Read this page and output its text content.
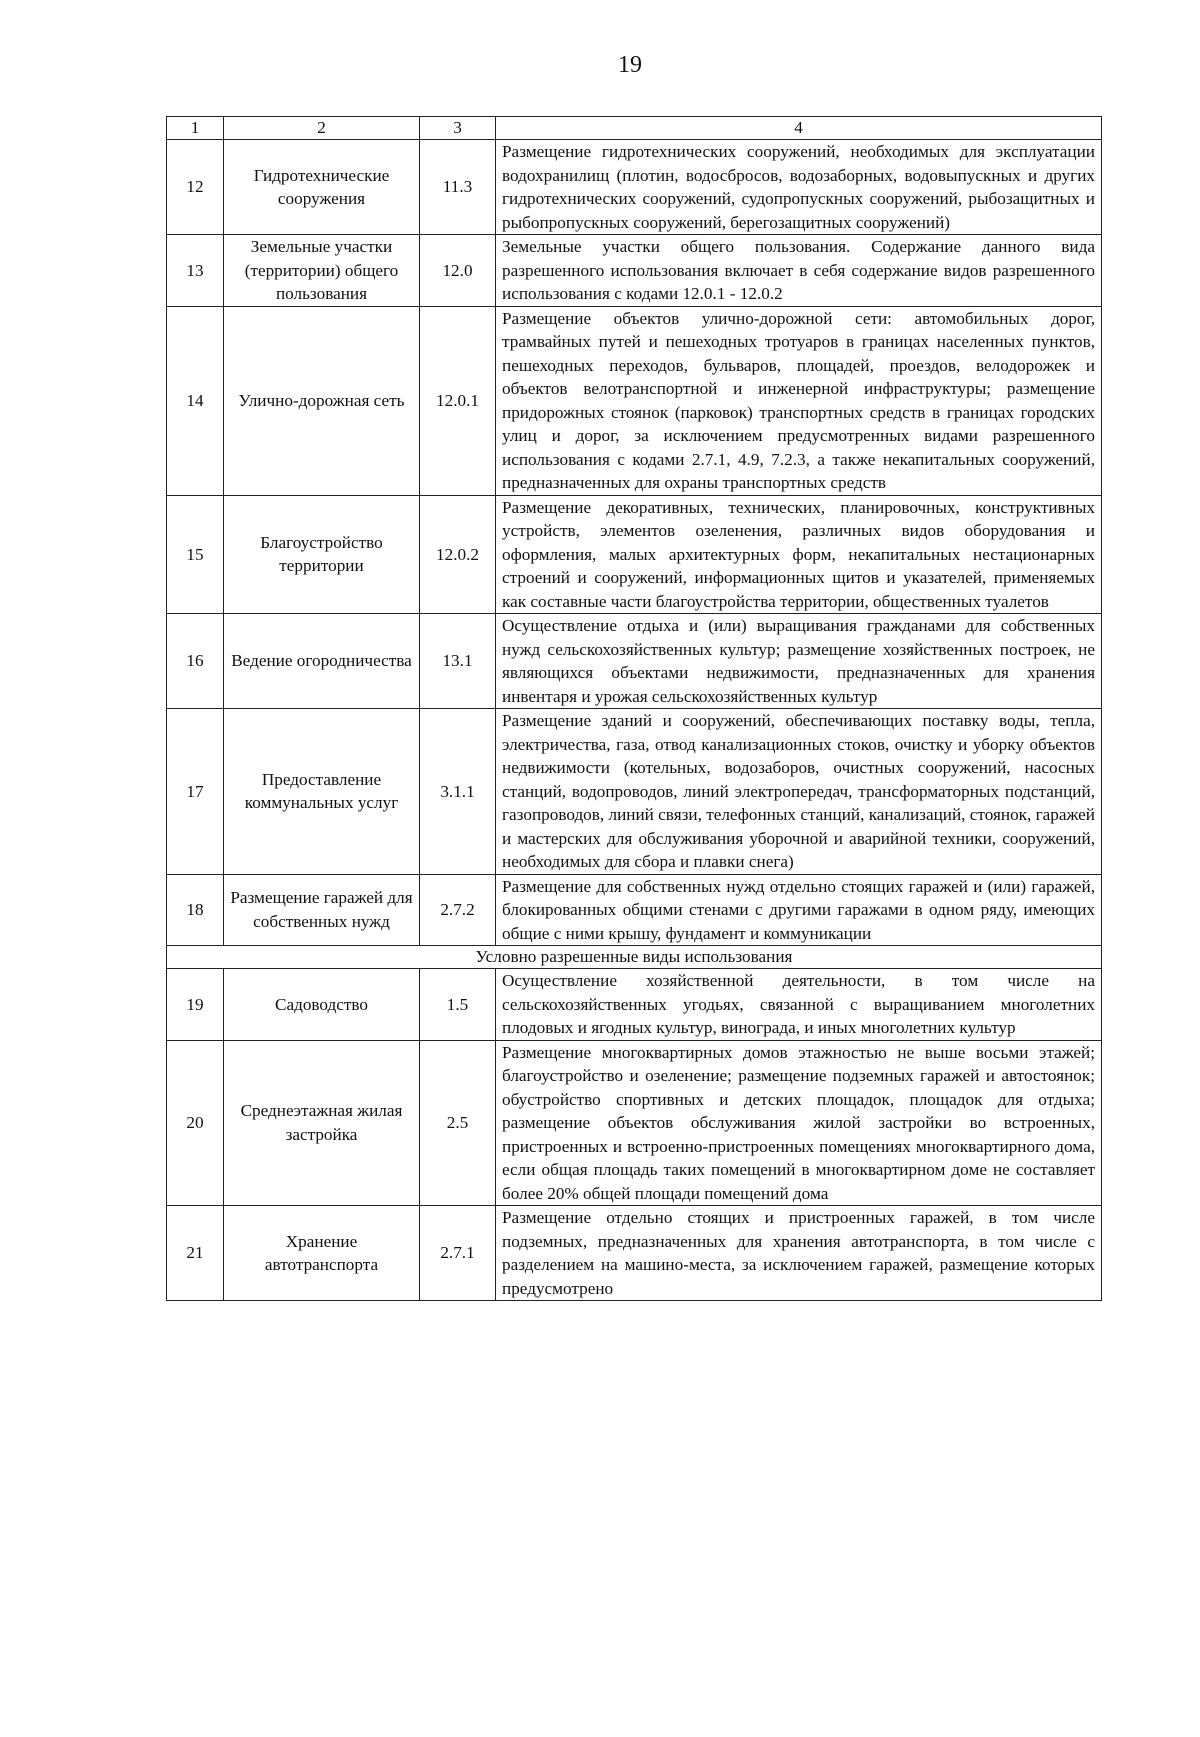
19
1	2	3	4
12	Гидротехнические сооружения	11.3	Размещение гидротехнических сооружений, необходимых для эксплуатации водохранилищ (плотин, водосбросов, водозаборных, водовыпускных и других гидротехнических сооружений, судопропускных сооружений, рыбозащитных и рыбопропускных сооружений, берегозащитных сооружений)
13	Земельные участки (территории) общего пользования	12.0	Земельные участки общего пользования. Содержание данного вида разрешенного использования включает в себя содержание видов разрешенного использования с кодами 12.0.1 - 12.0.2
14	Улично-дорожная сеть	12.0.1	Размещение объектов улично-дорожной сети: автомобильных дорог, трамвайных путей и пешеходных тротуаров в границах населенных пунктов, пешеходных переходов, бульваров, площадей, проездов, велодорожек и объектов велотранспортной и инженерной инфраструктуры; размещение придорожных стоянок (парковок) транспортных средств в границах городских улиц и дорог, за исключением предусмотренных видами разрешенного использования с кодами 2.7.1, 4.9, 7.2.3, а также некапитальных сооружений, предназначенных для охраны транспортных средств
15	Благоустройство территории	12.0.2	Размещение декоративных, технических, планировочных, конструктивных устройств, элементов озеленения, различных видов оборудования и оформления, малых архитектурных форм, некапитальных нестационарных строений и сооружений, информационных щитов и указателей, применяемых как составные части благоустройства территории, общественных туалетов
16	Ведение огородничества	13.1	Осуществление отдыха и (или) выращивания гражданами для собственных нужд сельскохозяйственных культур; размещение хозяйственных построек, не являющихся объектами недвижимости, предназначенных для хранения инвентаря и урожая сельскохозяйственных культур
17	Предоставление коммунальных услуг	3.1.1	Размещение зданий и сооружений, обеспечивающих поставку воды, тепла, электричества, газа, отвод канализационных стоков, очистку и уборку объектов недвижимости (котельных, водозаборов, очистных сооружений, насосных станций, водопроводов, линий электропередач, трансформаторных подстанций, газопроводов, линий связи, телефонных станций, канализаций, стоянок, гаражей и мастерских для обслуживания уборочной и аварийной техники, сооружений, необходимых для сбора и плавки снега)
18	Размещение гаражей для собственных нужд	2.7.2	Размещение для собственных нужд отдельно стоящих гаражей и (или) гаражей, блокированных общими стенами с другими гаражами в одном ряду, имеющих общие с ними крышу, фундамент и коммуникации
Условно разрешенные виды использования			
19	Садоводство	1.5	Осуществление хозяйственной деятельности, в том числе на сельскохозяйственных угодьях, связанной с выращиванием многолетних плодовых и ягодных культур, винограда, и иных многолетних культур
20	Среднеэтажная жилая застройка	2.5	Размещение многоквартирных домов этажностью не выше восьми этажей; благоустройство и озеленение; размещение подземных гаражей и автостоянок; обустройство спортивных и детских площадок, площадок для отдыха; размещение объектов обслуживания жилой застройки во встроенных, пристроенных и встроенно-пристроенных помещениях многоквартирного дома, если общая площадь таких помещений в многоквартирном доме не составляет более 20% общей площади помещений дома
21	Хранение автотранспорта	2.7.1	Размещение отдельно стоящих и пристроенных гаражей, в том числе подземных, предназначенных для хранения автотранспорта, в том числе с разделением на машино-места, за исключением гаражей, размещение которых предусмотрено
